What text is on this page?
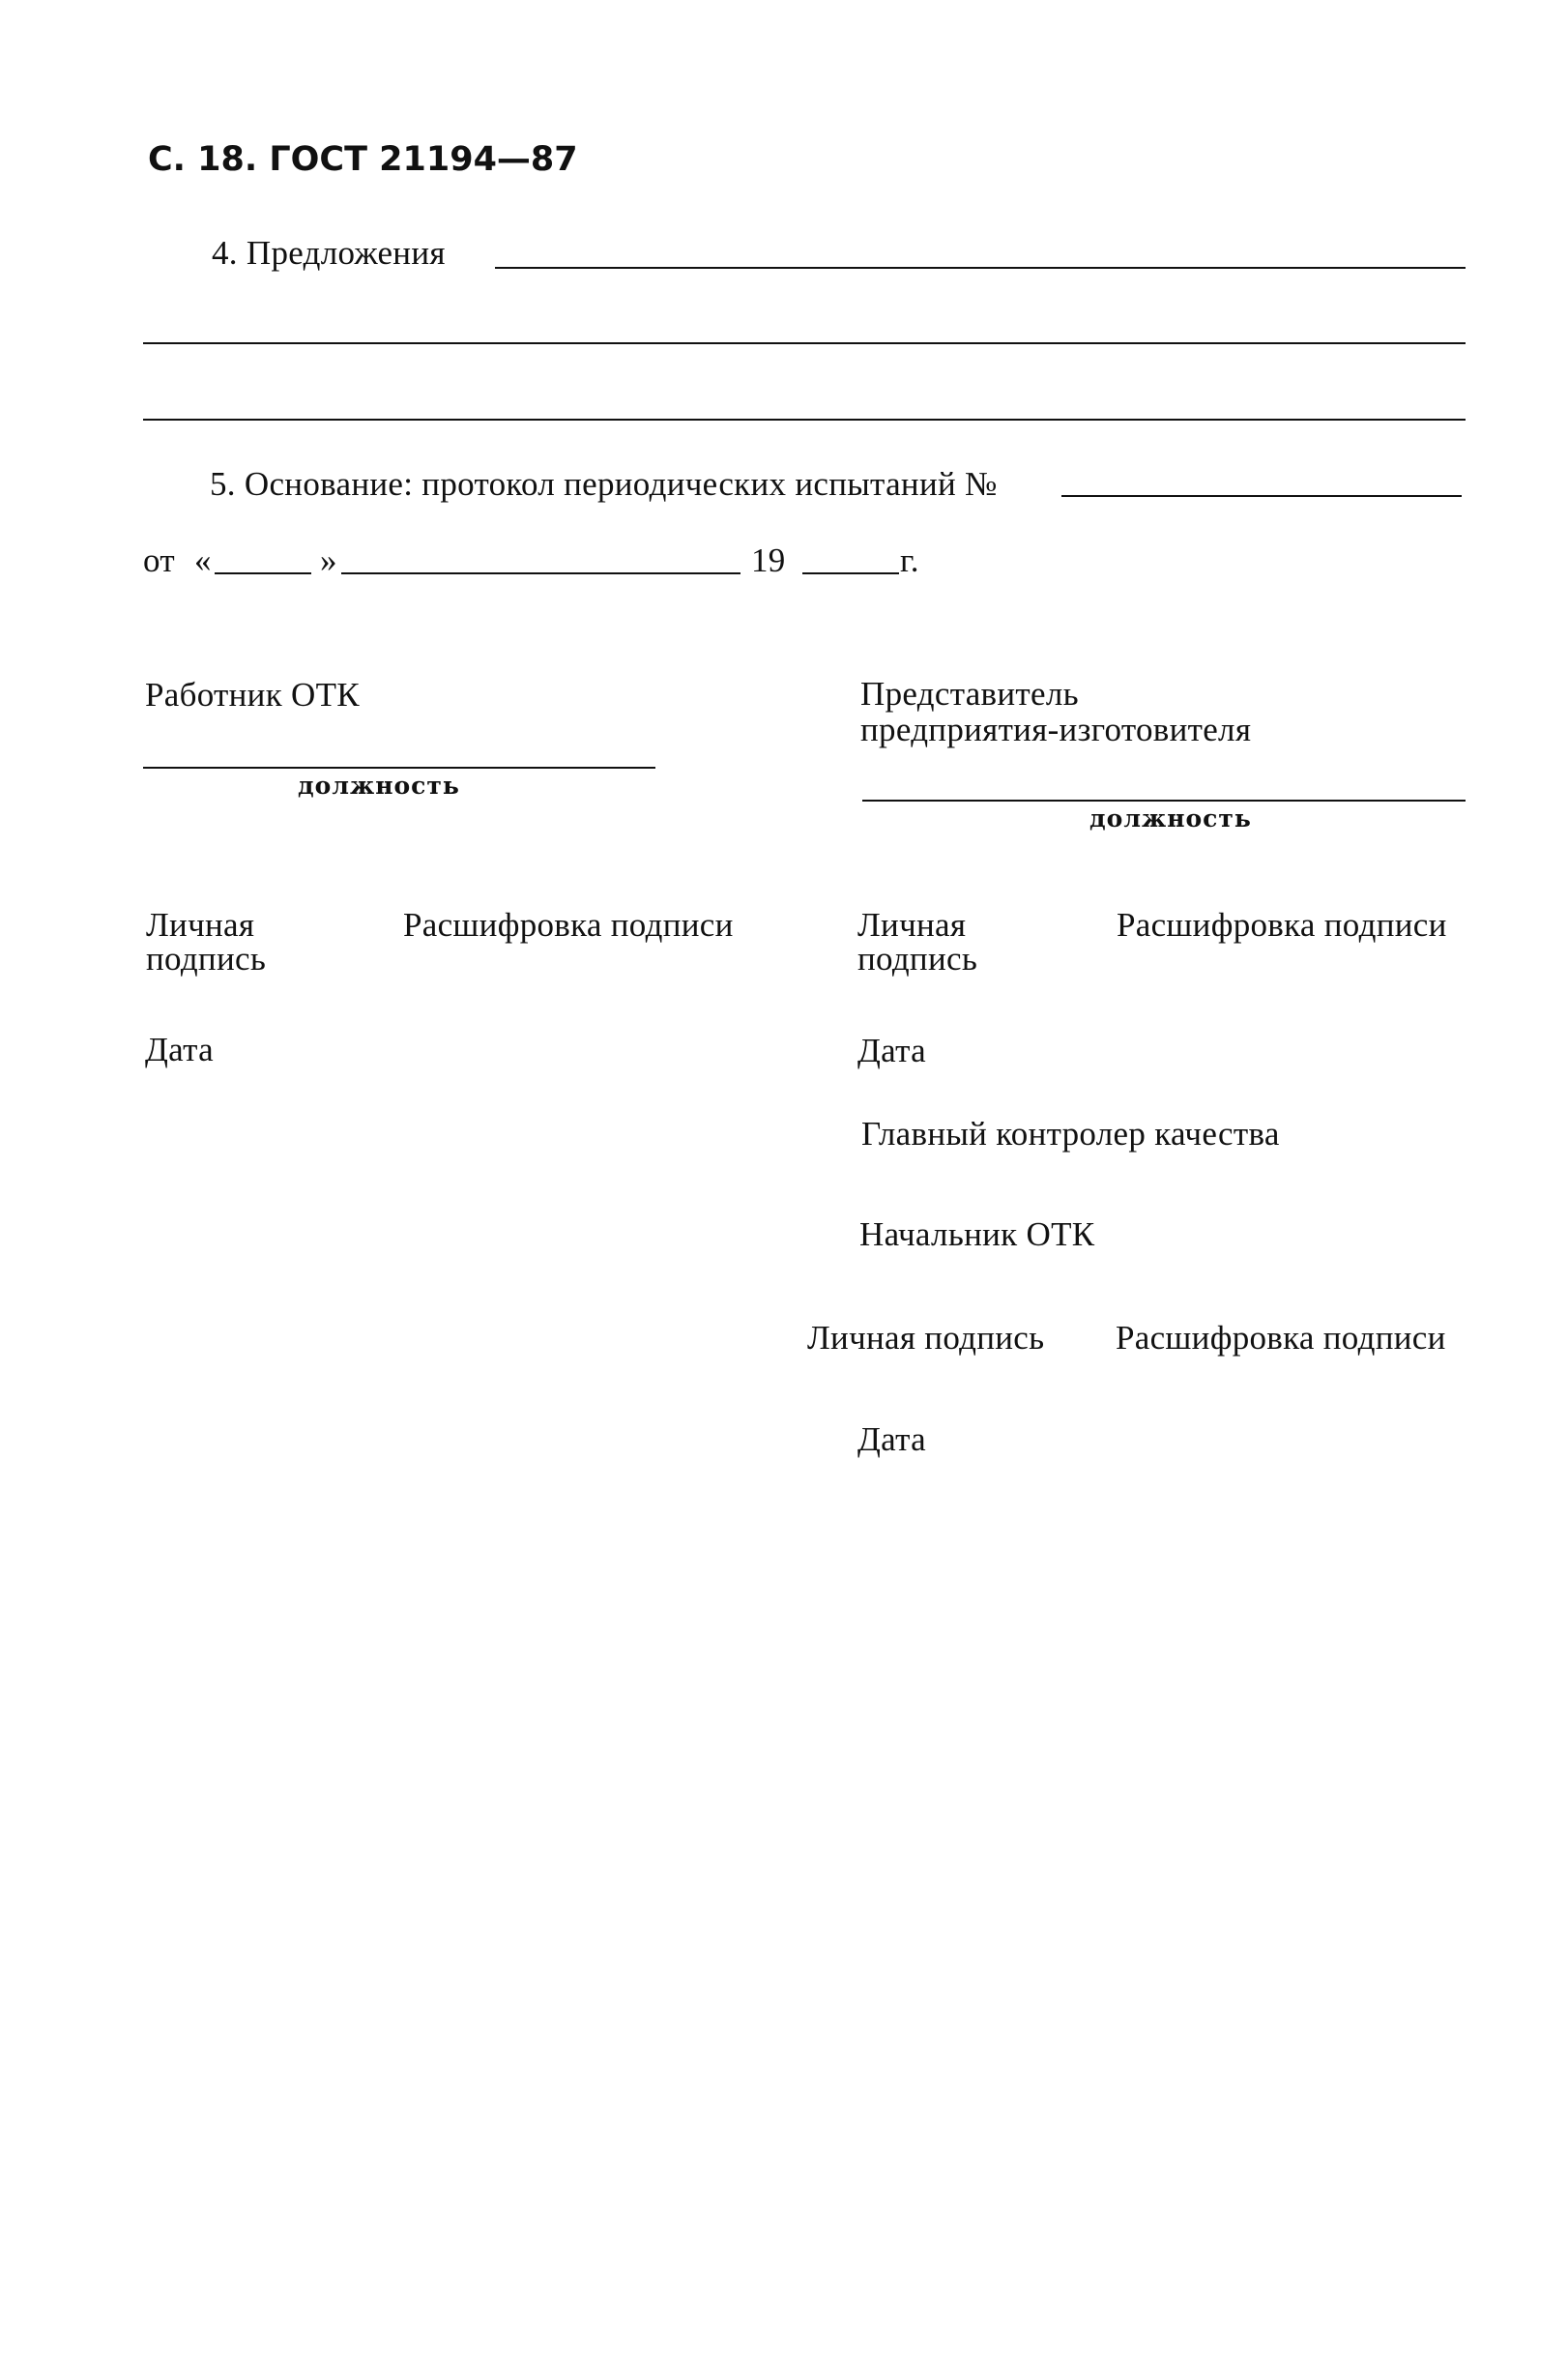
С. 18. ГОСТ 21194—87
4. Предложения
5. Основание: протокол периодических испытаний №
от «	»	19	г.
Работник ОТК
должность
Личная
подпись
Расшифровка подписи
Дата
Представитель
предприятия-изготовителя
должность
Личная
подпись
Расшифровка подписи
Дата
Главный контролер качества
Начальник ОТК
Личная подпись Расшифровка подписи
Дата
